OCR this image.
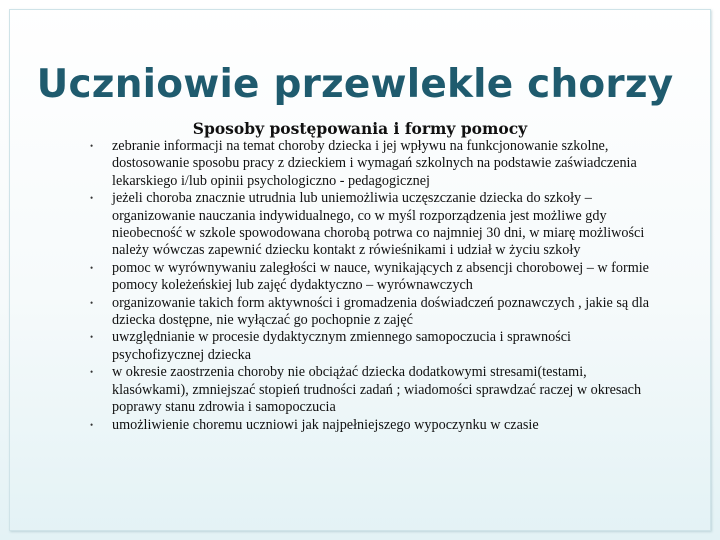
Uczniowie przewlekle chorzy
Sposoby postępowania i formy pomocy
• zebranie informacji na temat choroby dziecka i jej wpływu na funkcjonowanie szkolne, dostosowanie sposobu pracy z dzieckiem i wymagań szkolnych na podstawie zaświadczenia lekarskiego i/lub opinii psychologiczno - pedagogicznej
• jeżeli choroba znacznie utrudnia lub uniemożliwia uczęszczanie dziecka do szkoły – organizowanie nauczania indywidualnego, co w myśl rozporządzenia jest możliwe gdy nieobecność w szkole spowodowana chorobą potrwa co najmniej 30 dni, w miarę możliwości należy wówczas zapewnić dziecku kontakt z rówieśnikami i udział w życiu szkoły
• pomoc w wyrównywaniu zaległości w nauce, wynikających z absencji chorobowej – w formie pomocy koleżeńskiej lub zajęć dydaktyczno – wyrównawczych
• organizowanie takich form aktywności i gromadzenia doświadczeń poznawczych , jakie są dla dziecka dostępne, nie wyłączać go pochopnie z zajęć
• uwzględnianie w procesie dydaktycznym zmiennego samopoczucia i sprawności psychofizycznej dziecka
• w okresie zaostrzenia choroby nie obciążać dziecka dodatkowymi stresami(testami, klasówkami), zmniejszać stopień trudności zadań ; wiadomości sprawdzać raczej w okresach poprawy stanu zdrowia i samopoczucia
• umożliwienie choremu uczniowi jak najpełniejszego wypoczynku w czasie
